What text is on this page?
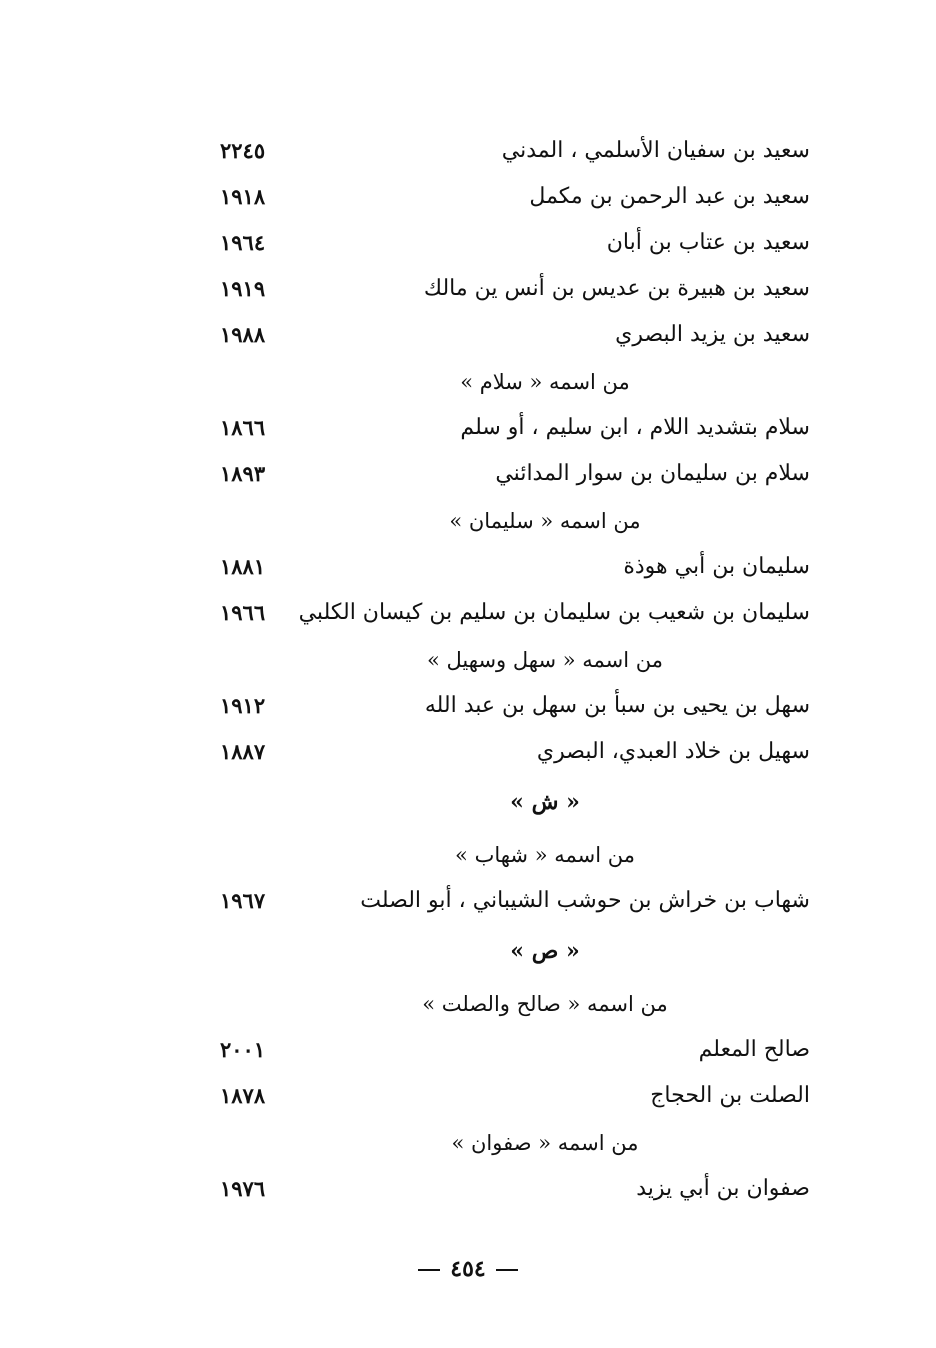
سعيد بن سفيان الأسلمي ، المدني
٢٢٤٥
سعيد بن عبد الرحمن بن مكمل
١٩١٨
سعيد بن عتاب بن أبان
١٩٦٤
سعيد بن هبيرة بن عديس بن أنس ين مالك
١٩١٩
سعيد بن يزيد البصري
١٩٨٨
من اسمه « سلام »
سلام بتشديد اللام ، ابن سليم ، أو سلم
١٨٦٦
سلام بن سليمان بن سوار المدائني
١٨٩٣
من اسمه « سليمان »
سليمان بن أبي هوذة
١٨٨١
سليمان بن شعيب بن سليمان بن سليم بن كيسان الكلبي
١٩٦٦
من اسمه « سهل وسهيل »
سهل بن يحيى بن سبأ بن سهل بن عبد الله
١٩١٢
سهيل بن خلاد العبدي، البصري
١٨٨٧
« ش »
من اسمه « شهاب »
شهاب بن خراش بن حوشب الشيباني ، أبو الصلت
١٩٦٧
« ص »
من اسمه « صالح والصلت »
صالح المعلم
٢٠٠١
الصلت بن الحجاج
١٨٧٨
من اسمه « صفوان »
صفوان بن أبي يزيد
١٩٧٦
٤٥٤
